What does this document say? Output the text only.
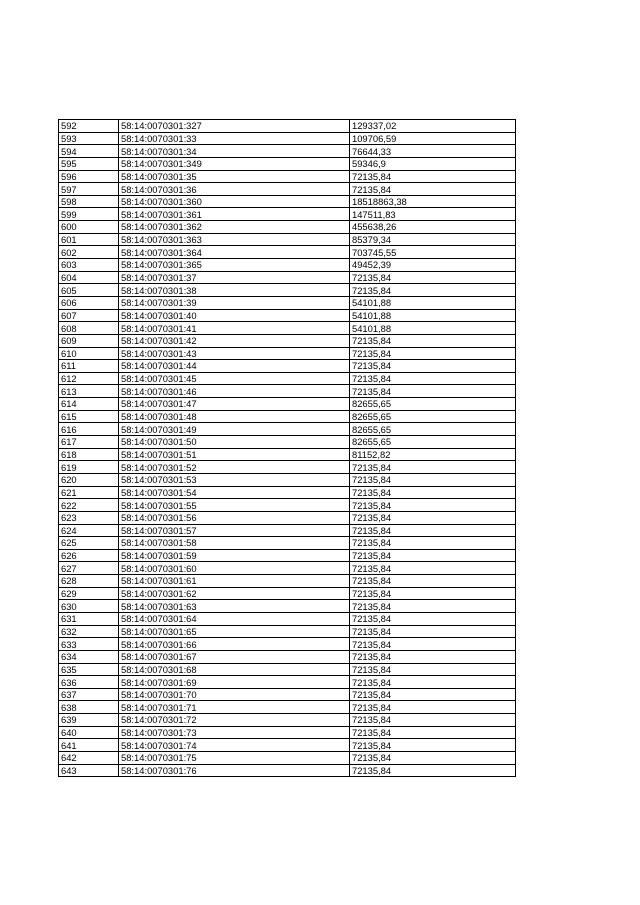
592	58:14:0070301:327	129337,02
593	58:14:0070301:33	109706,59
594	58:14:0070301:34	76644,33
595	58:14:0070301:349	59346,9
596	58:14:0070301:35	72135,84
597	58:14:0070301:36	72135,84
598	58:14:0070301:360	18518863,38
599	58:14:0070301:361	147511,83
600	58:14:0070301:362	455638,26
601	58:14:0070301:363	85379,34
602	58:14:0070301:364	703745,55
603	58:14:0070301:365	49452,39
604	58:14:0070301:37	72135,84
605	58:14:0070301:38	72135,84
606	58:14:0070301:39	54101,88
607	58:14:0070301:40	54101,88
608	58:14:0070301:41	54101,88
609	58:14:0070301:42	72135,84
610	58:14:0070301:43	72135,84
611	58:14:0070301:44	72135,84
612	58:14:0070301:45	72135,84
613	58:14:0070301:46	72135,84
614	58:14:0070301:47	82655,65
615	58:14:0070301:48	82655,65
616	58:14:0070301:49	82655,65
617	58:14:0070301:50	82655,65
618	58:14:0070301:51	81152,82
619	58:14:0070301:52	72135,84
620	58:14:0070301:53	72135,84
621	58:14:0070301:54	72135,84
622	58:14:0070301:55	72135,84
623	58:14:0070301:56	72135,84
624	58:14:0070301:57	72135,84
625	58:14:0070301:58	72135,84
626	58:14:0070301:59	72135,84
627	58:14:0070301:60	72135,84
628	58:14:0070301:61	72135,84
629	58:14:0070301:62	72135,84
630	58:14:0070301:63	72135,84
631	58:14:0070301:64	72135,84
632	58:14:0070301:65	72135,84
633	58:14:0070301:66	72135,84
634	58:14:0070301:67	72135,84
635	58:14:0070301:68	72135,84
636	58:14:0070301:69	72135,84
637	58:14:0070301:70	72135,84
638	58:14:0070301:71	72135,84
639	58:14:0070301:72	72135,84
640	58:14:0070301:73	72135,84
641	58:14:0070301:74	72135,84
642	58:14:0070301:75	72135,84
643	58:14:0070301:76	72135,84
